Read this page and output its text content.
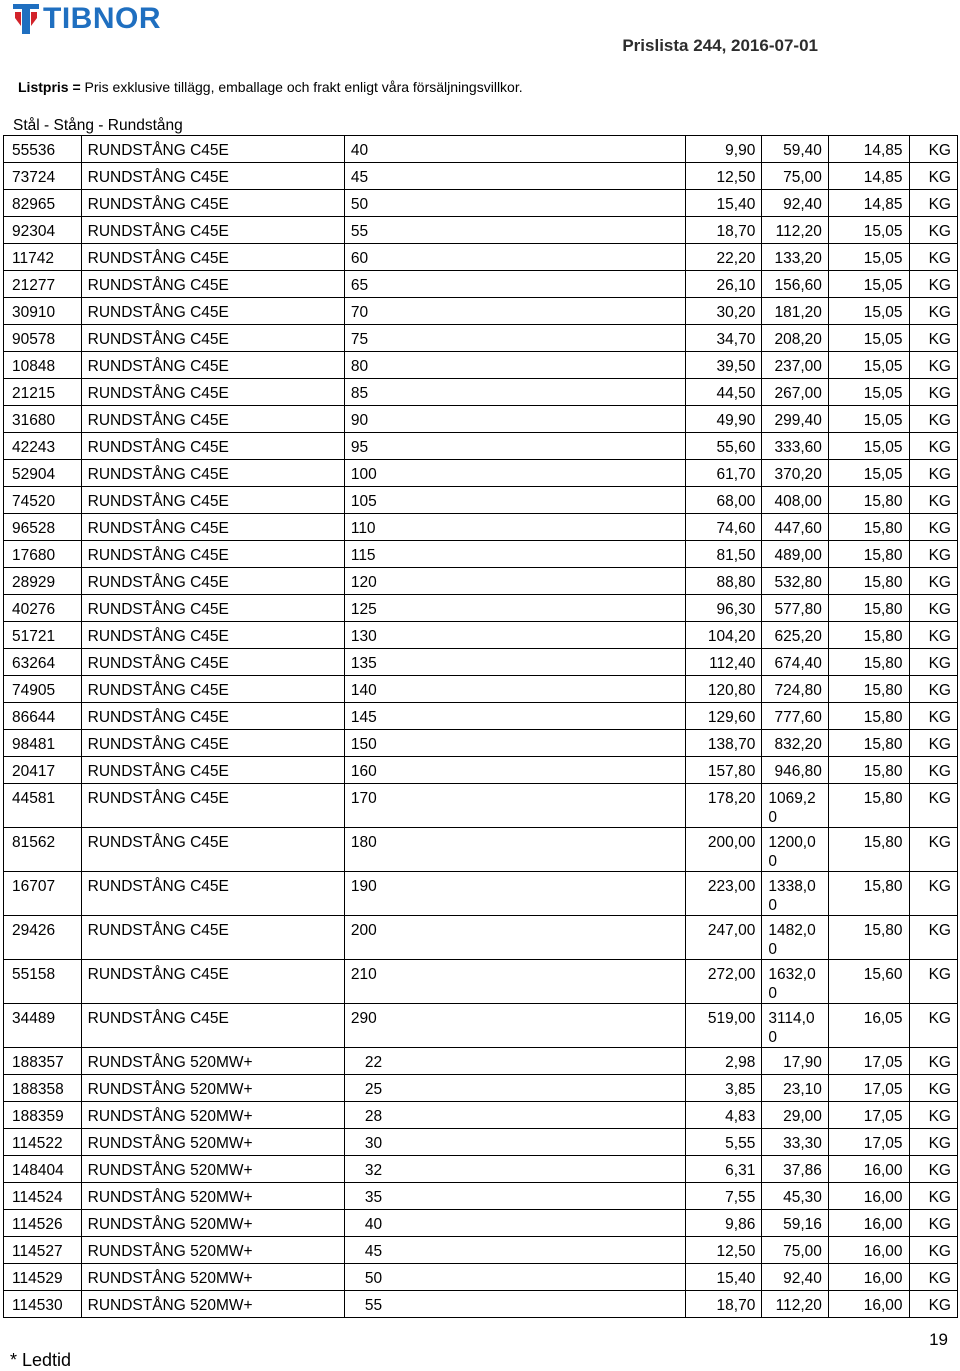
TIBNOR
Prislista 244, 2016-07-01
Listpris = Pris exklusive tillägg, emballage och frakt enligt våra försäljningsvillkor.
Stål - Stång - Rundstång
55536	RUNDSTÅNG C45E	40	9,90	59,40	14,85	KG
73724	RUNDSTÅNG C45E	45	12,50	75,00	14,85	KG
82965	RUNDSTÅNG C45E	50	15,40	92,40	14,85	KG
92304	RUNDSTÅNG C45E	55	18,70	112,20	15,05	KG
11742	RUNDSTÅNG C45E	60	22,20	133,20	15,05	KG
21277	RUNDSTÅNG C45E	65	26,10	156,60	15,05	KG
30910	RUNDSTÅNG C45E	70	30,20	181,20	15,05	KG
90578	RUNDSTÅNG C45E	75	34,70	208,20	15,05	KG
10848	RUNDSTÅNG C45E	80	39,50	237,00	15,05	KG
21215	RUNDSTÅNG C45E	85	44,50	267,00	15,05	KG
31680	RUNDSTÅNG C45E	90	49,90	299,40	15,05	KG
42243	RUNDSTÅNG C45E	95	55,60	333,60	15,05	KG
52904	RUNDSTÅNG C45E	100	61,70	370,20	15,05	KG
74520	RUNDSTÅNG C45E	105	68,00	408,00	15,80	KG
96528	RUNDSTÅNG C45E	110	74,60	447,60	15,80	KG
17680	RUNDSTÅNG C45E	115	81,50	489,00	15,80	KG
28929	RUNDSTÅNG C45E	120	88,80	532,80	15,80	KG
40276	RUNDSTÅNG C45E	125	96,30	577,80	15,80	KG
51721	RUNDSTÅNG C45E	130	104,20	625,20	15,80	KG
63264	RUNDSTÅNG C45E	135	112,40	674,40	15,80	KG
74905	RUNDSTÅNG C45E	140	120,80	724,80	15,80	KG
86644	RUNDSTÅNG C45E	145	129,60	777,60	15,80	KG
98481	RUNDSTÅNG C45E	150	138,70	832,20	15,80	KG
20417	RUNDSTÅNG C45E	160	157,80	946,80	15,80	KG
44581	RUNDSTÅNG C45E	170	178,20	1069,20	15,80	KG
81562	RUNDSTÅNG C45E	180	200,00	1200,00	15,80	KG
16707	RUNDSTÅNG C45E	190	223,00	1338,00	15,80	KG
29426	RUNDSTÅNG C45E	200	247,00	1482,00	15,80	KG
55158	RUNDSTÅNG C45E	210	272,00	1632,00	15,60	KG
34489	RUNDSTÅNG C45E	290	519,00	3114,00	16,05	KG
188357	RUNDSTÅNG 520MW+	22	2,98	17,90	17,05	KG
188358	RUNDSTÅNG 520MW+	25	3,85	23,10	17,05	KG
188359	RUNDSTÅNG 520MW+	28	4,83	29,00	17,05	KG
114522	RUNDSTÅNG 520MW+	30	5,55	33,30	17,05	KG
148404	RUNDSTÅNG 520MW+	32	6,31	37,86	16,00	KG
114524	RUNDSTÅNG 520MW+	35	7,55	45,30	16,00	KG
114526	RUNDSTÅNG 520MW+	40	9,86	59,16	16,00	KG
114527	RUNDSTÅNG 520MW+	45	12,50	75,00	16,00	KG
114529	RUNDSTÅNG 520MW+	50	15,40	92,40	16,00	KG
114530	RUNDSTÅNG 520MW+	55	18,70	112,20	16,00	KG
19
* Ledtid
